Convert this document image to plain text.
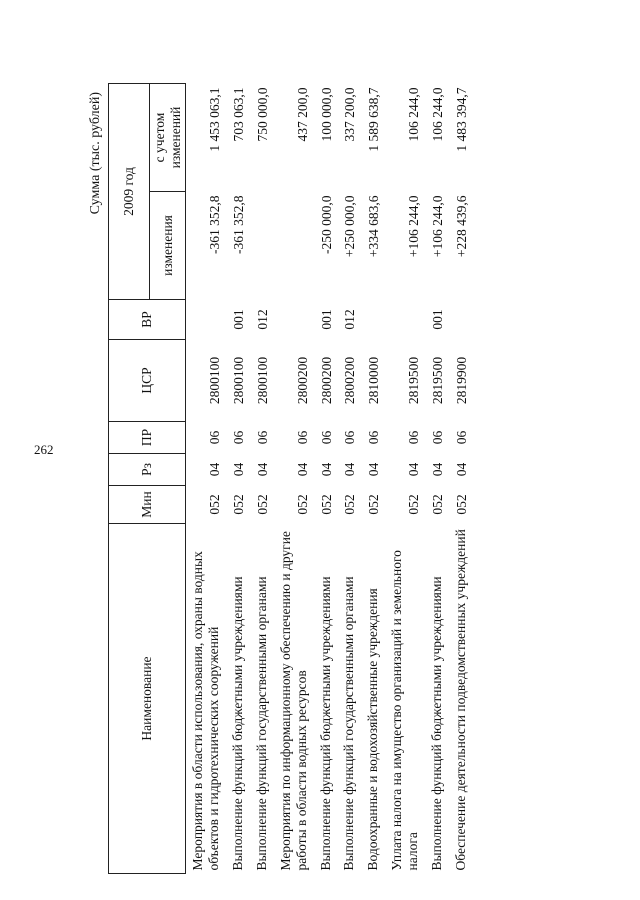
262
Сумма (тыс. рублей)
Наименование	Мин	Рз	ПР	ЦСР	ВР	2009 год	
						изменения	с учетом изменений
Мероприятия в области использования, охраны водных объектов и гидротехнических сооружений	052	04	06	2800100		-361 352,8	1 453 063,1
Выполнение функций бюджетными учреждениями	052	04	06	2800100	001	-361 352,8	703 063,1
Выполнение функций государственными органами	052	04	06	2800100	012		750 000,0
Мероприятия по информационному обеспечению и другие работы в области водных ресурсов	052	04	06	2800200			437 200,0
Выполнение функций бюджетными учреждениями	052	04	06	2800200	001	-250 000,0	100 000,0
Выполнение функций государственными органами	052	04	06	2800200	012	+250 000,0	337 200,0
Водоохранные и водохозяйственные учреждения	052	04	06	2810000		+334 683,6	1 589 638,7
Уплата налога на имущество организаций и земельного налога	052	04	06	2819500		+106 244,0	106 244,0
Выполнение функций бюджетными учреждениями	052	04	06	2819500	001	+106 244,0	106 244,0
Обеспечение деятельности подведомственных учреждений	052	04	06	2819900		+228 439,6	1 483 394,7
